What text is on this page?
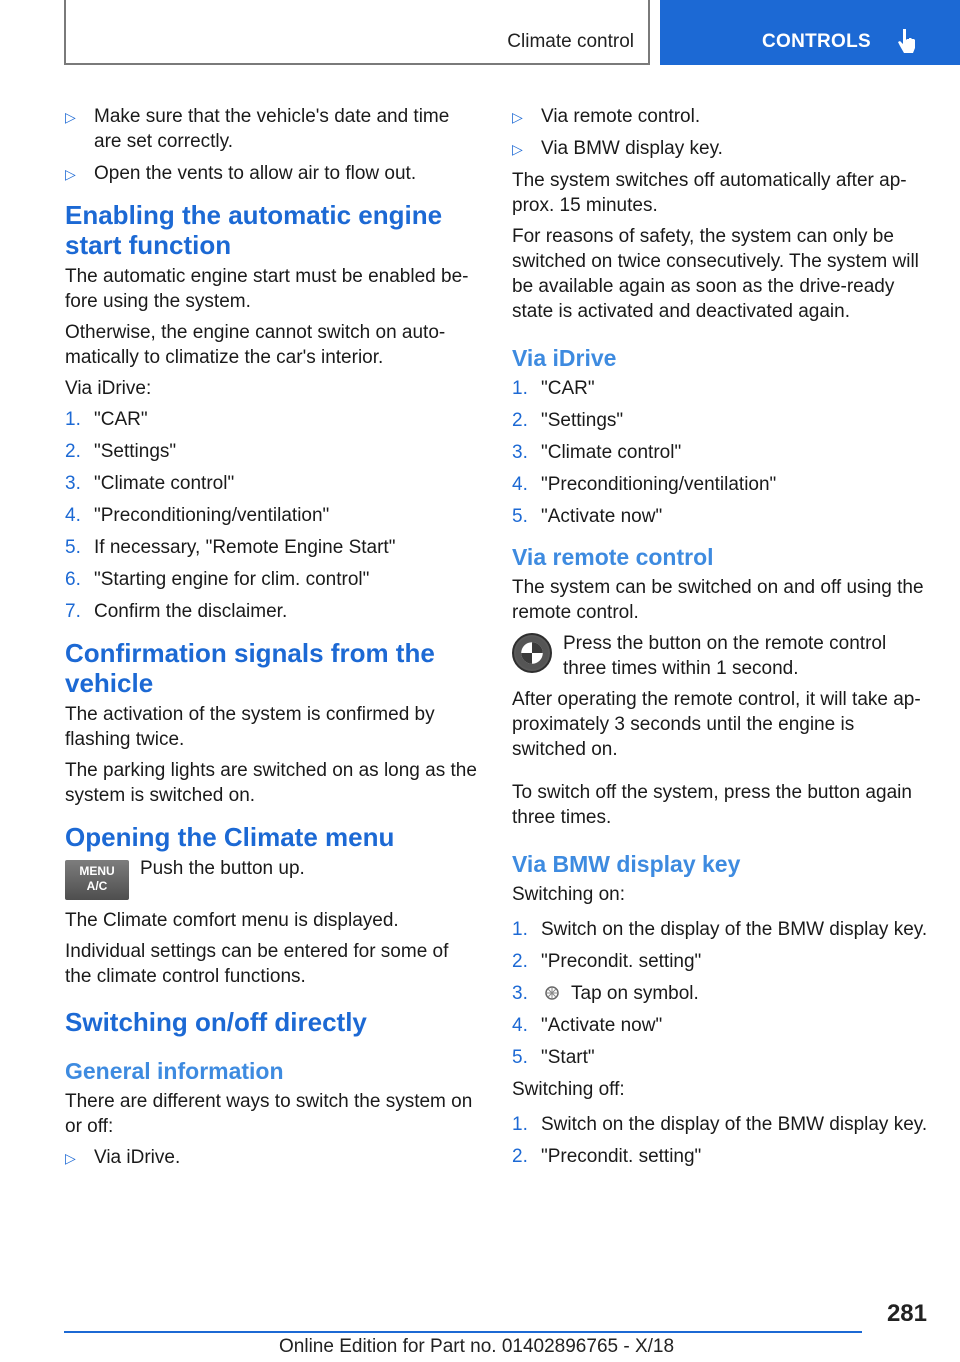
Climate control	CONTROLS
▷ Make sure that the vehicle's date and time are set correctly.
▷ Open the vents to allow air to flow out.
Enabling the automatic engine start function

The automatic engine start must be enabled be-fore using the system.

Otherwise, the engine cannot switch on auto-matically to climatize the car's interior.

Via iDrive:

1. "CAR"
2. "Settings"
3. "Climate control"
4. "Preconditioning/ventilation"
5. If necessary, "Remote Engine Start"
6. "Starting engine for clim. control"
7. Confirm the disclaimer.
Confirmation signals from the vehicle

The activation of the system is confirmed by flashing twice.

The parking lights are switched on as long as the system is switched on.

Opening the Climate menu
MENU
A/C

Push the button up.

The Climate comfort menu is displayed.

Individual settings can be entered for some of the climate control functions.

Switching on/off directly
General information

There are different ways to switch the system on or off:

▷ Via iDrive.
▷ Via remote control.
▷ Via BMW display key.

The system switches off automatically after ap-prox. 15 minutes.

For reasons of safety, the system can only be switched on twice consecutively. The system will be available again as soon as the drive-ready state is activated and deactivated again.

Via iDrive
1. "CAR"
2. "Settings"
3. "Climate control"
4. "Preconditioning/ventilation"
5. "Activate now"
Via remote control

The system can be switched on and off using the remote control.

Press the button on the remote control three times within 1 second.

After operating the remote control, it will take ap-proximately 3 seconds until the engine is switched on.

To switch off the system, press the button again three times.

Via BMW display key

Switching on:

1. Switch on the display of the BMW display key.
2. "Precondit. setting"
3. Tap on symbol.
4. "Activate now"
5. "Start"

Switching off:

1. Switch on the display of the BMW display key.
2. "Precondit. setting"
281
Online Edition for Part no. 01402896765 - X/18
